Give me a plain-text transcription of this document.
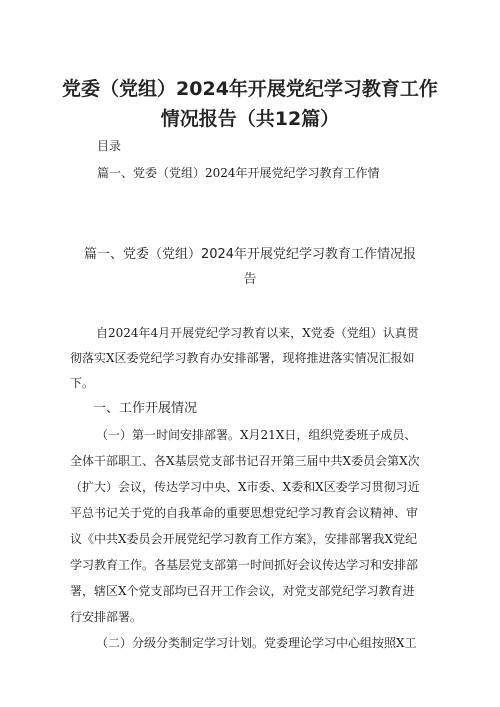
党委（党组）2024年开展党纪学习教育工作
情况报告（共12篇）
目录
篇一、党委（党组）2024年开展党纪学习教育工作情
篇一、党委（党组）2024年开展党纪学习教育工作情况报
告
自2024年4月开展党纪学习教育以来，X党委（党组）认真贯
彻落实X区委党纪学习教育办安排部署，现将推进落实情况汇报如
下。
一、工作开展情况
（一）第一时间安排部署。X月21X日，组织党委班子成员、
全体干部职工、各X基层党支部书记召开第三届中共X委员会第X次
（扩大）会议，传达学习中央、X市委、X委和X区委学习贯彻习近
平总书记关于党的自我革命的重要思想党纪学习教育会议精神、审
议《中共X委员会开展党纪学习教育工作方案》，安排部署我X党纪
学习教育工作。各基层党支部第一时间抓好会议传达学习和安排部
署，辖区X个党支部均已召开工作会议，对党支部党纪学习教育进
行安排部署。
（二）分级分类制定学习计划。党委理论学习中心组按照X工
